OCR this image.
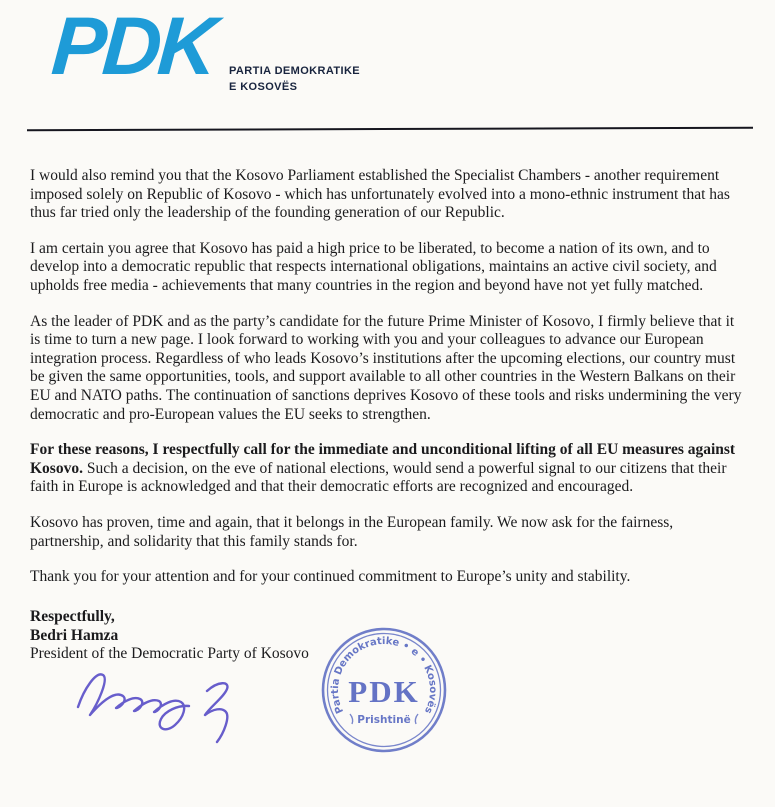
PDK PARTIA DEMOKRATIKE
E KOSOVËS

I would also remind you that the Kosovo Parliament established the Specialist Chambers - another requirement imposed solely on Republic of Kosovo - which has unfortunately evolved into a mono-ethnic instrument that has thus far tried only the leadership of the founding generation of our Republic.

I am certain you agree that Kosovo has paid a high price to be liberated, to become a nation of its own, and to develop into a democratic republic that respects international obligations, maintains an active civil society, and upholds free media - achievements that many countries in the region and beyond have not yet fully matched.

As the leader of PDK and as the party’s candidate for the future Prime Minister of Kosovo, I firmly believe that it is time to turn a new page. I look forward to working with you and your colleagues to advance our European integration process. Regardless of who leads Kosovo’s institutions after the upcoming elections, our country must be given the same opportunities, tools, and support available to all other countries in the Western Balkans on their EU and NATO paths. The continuation of sanctions deprives Kosovo of these tools and risks undermining the very democratic and pro-European values the EU seeks to strengthen.

For these reasons, I respectfully call for the immediate and unconditional lifting of all EU measures against Kosovo. Such a decision, on the eve of national elections, would send a powerful signal to our citizens that their faith in Europe is acknowledged and that their democratic efforts are recognized and encouraged.

Kosovo has proven, time and again, that it belongs in the European family. We now ask for the fairness, partnership, and solidarity that this family stands for.

Thank you for your attention and for your continued commitment to Europe’s unity and stability.

Respectfully,
Bedri Hamza
President of the Democratic Party of Kosovo
Partia Demokratike • e • Kosovës
PDK
Prishtinë
